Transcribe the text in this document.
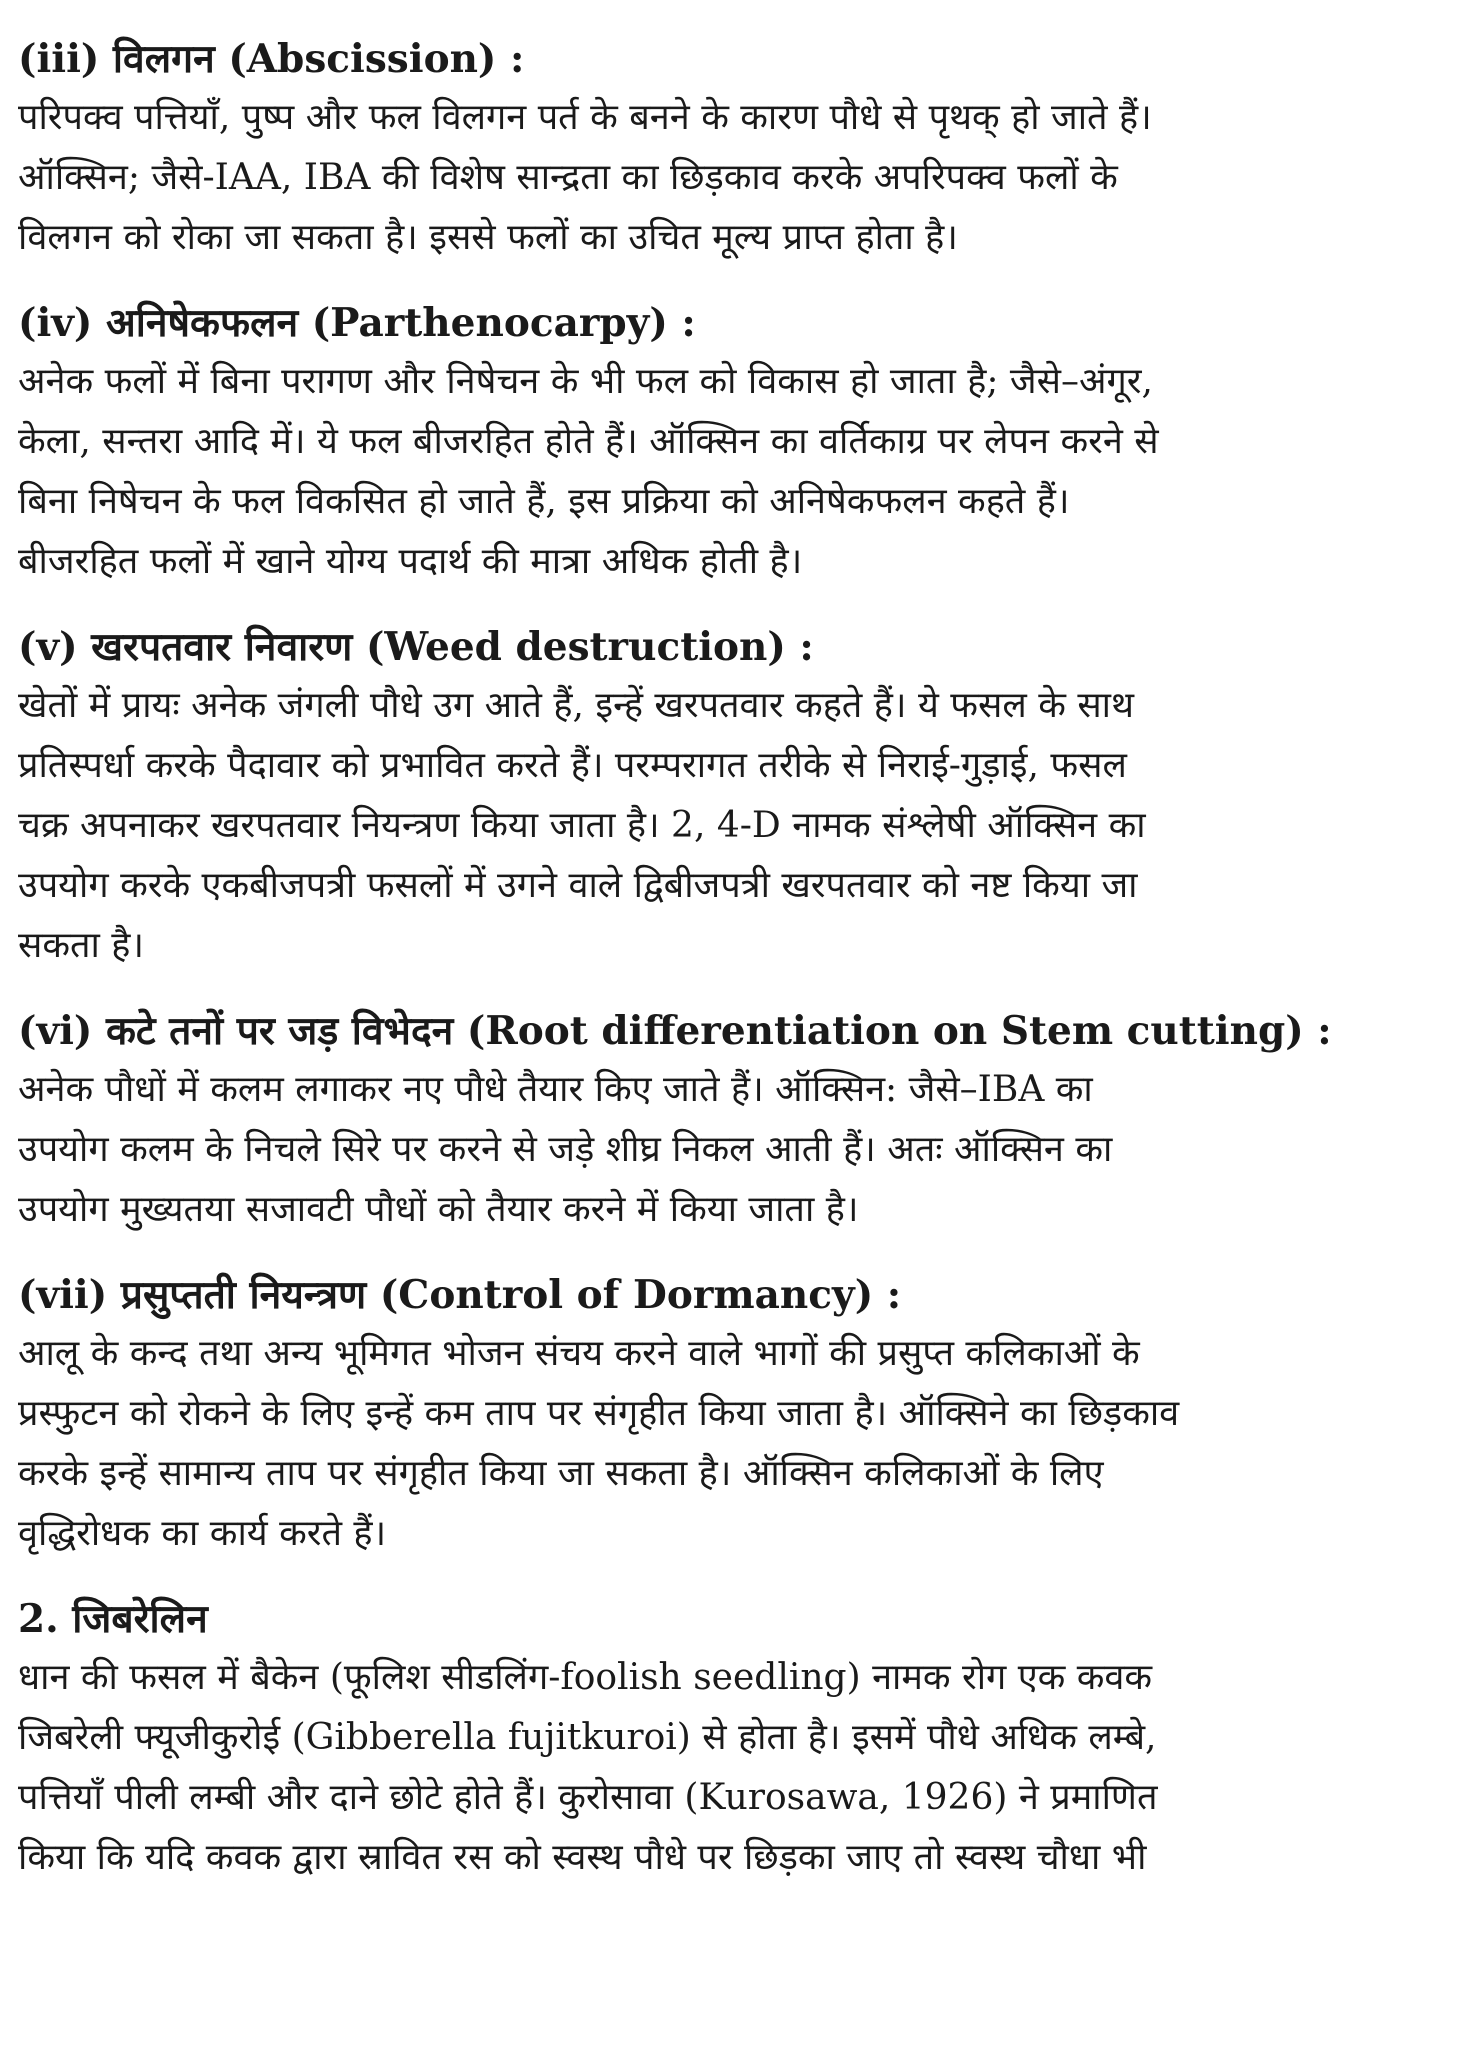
(iii) विलगन (Abscission) :

परिपक्व पत्तियाँ, पुष्प और फल विलगन पर्त के बनने के कारण पौधे से पृथक् हो जाते हैं।
ऑक्सिन; जैसे-IAA, IBA की विशेष सान्द्रता का छिड़काव करके अपरिपक्व फलों के
विलगन को रोका जा सकता है। इससे फलों का उचित मूल्य प्राप्त होता है।

(iv) अनिषेकफलन (Parthenocarpy) :

अनेक फलों में बिना परागण और निषेचन के भी फल को विकास हो जाता है; जैसे–अंगूर,
केला, सन्तरा आदि में। ये फल बीजरहित होते हैं। ऑक्सिन का वर्तिकाग्र पर लेपन करने से
बिना निषेचन के फल विकसित हो जाते हैं, इस प्रक्रिया को अनिषेकफलन कहते हैं।
बीजरहित फलों में खाने योग्य पदार्थ की मात्रा अधिक होती है।

(v) खरपतवार निवारण (Weed destruction) :

खेतों में प्रायः अनेक जंगली पौधे उग आते हैं, इन्हें खरपतवार कहते हैं। ये फसल के साथ
प्रतिस्पर्धा करके पैदावार को प्रभावित करते हैं। परम्परागत तरीके से निराई-गुड़ाई, फसल
चक्र अपनाकर खरपतवार नियन्त्रण किया जाता है। 2, 4-D नामक संश्लेषी ऑक्सिन का
उपयोग करके एकबीजपत्री फसलों में उगने वाले द्विबीजपत्री खरपतवार को नष्ट किया जा
सकता है।

(vi) कटे तनों पर जड़ विभेदन (Root differentiation on Stem cutting) :

अनेक पौधों में कलम लगाकर नए पौधे तैयार किए जाते हैं। ऑक्सिन: जैसे–IBA का
उपयोग कलम के निचले सिरे पर करने से जड़े शीघ्र निकल आती हैं। अतः ऑक्सिन का
उपयोग मुख्यतया सजावटी पौधों को तैयार करने में किया जाता है।

(vii) प्रसुप्तती नियन्त्रण (Control of Dormancy) :

आलू के कन्द तथा अन्य भूमिगत भोजन संचय करने वाले भागों की प्रसुप्त कलिकाओं के
प्रस्फुटन को रोकने के लिए इन्हें कम ताप पर संगृहीत किया जाता है। ऑक्सिने का छिड़काव
करके इन्हें सामान्य ताप पर संगृहीत किया जा सकता है। ऑक्सिन कलिकाओं के लिए
वृद्धिरोधक का कार्य करते हैं।

2. जिबरेलिन

धान की फसल में बैकेन (फूलिश सीडलिंग-foolish seedling) नामक रोग एक कवक
जिबरेली फ्यूजीकुरोई (Gibberella fujitkuroi) से होता है। इसमें पौधे अधिक लम्बे,
पत्तियाँ पीली लम्बी और दाने छोटे होते हैं। कुरोसावा (Kurosawa, 1926) ने प्रमाणित
किया कि यदि कवक द्वारा स्रावित रस को स्वस्थ पौधे पर छिड़का जाए तो स्वस्थ चौधा भी
